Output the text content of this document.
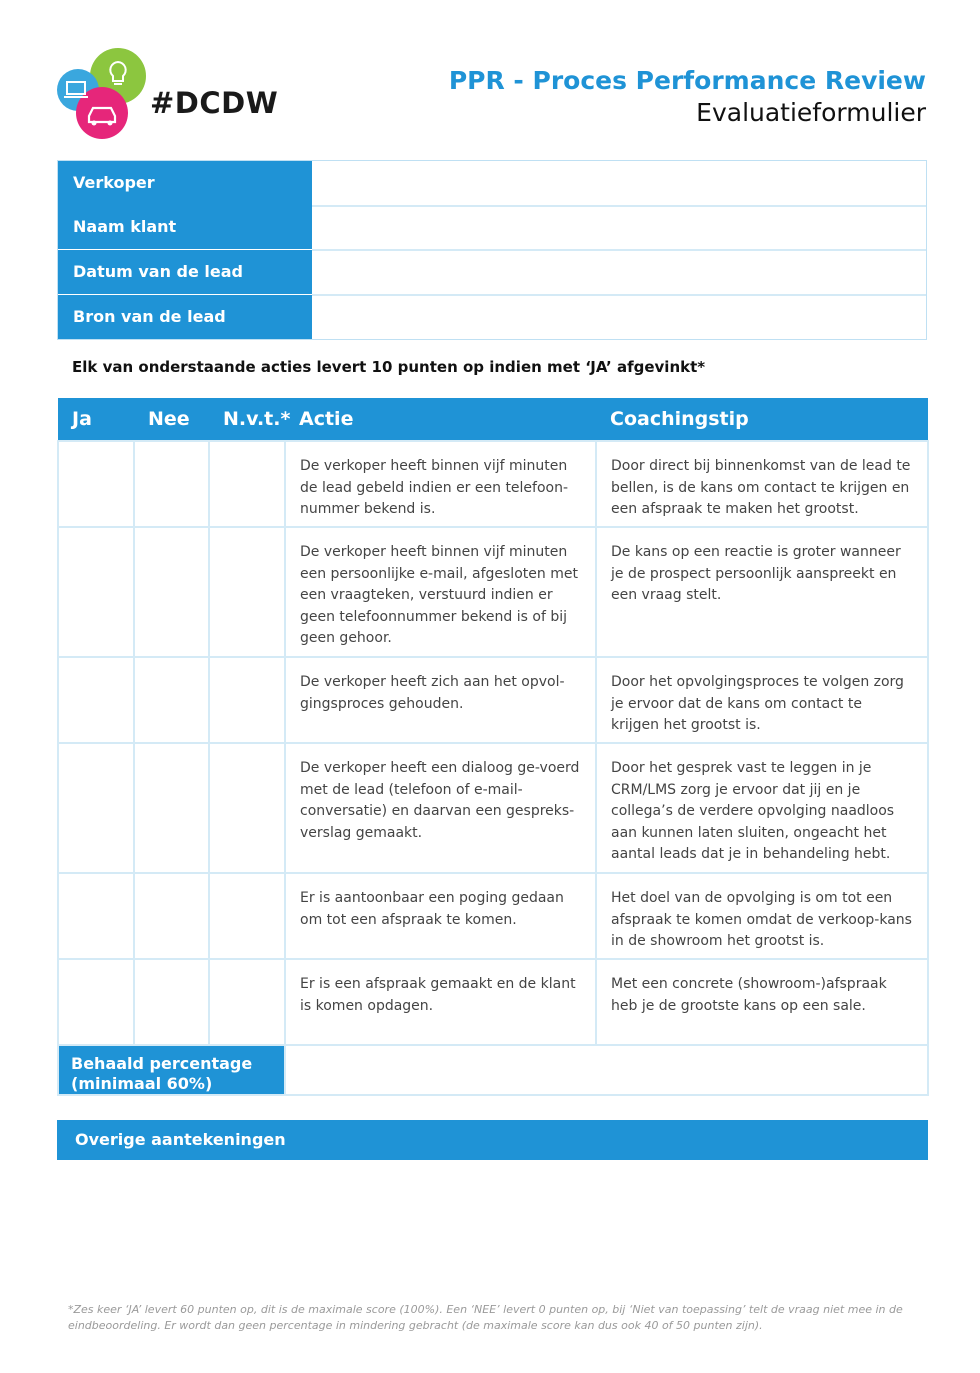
#DCDW
PPR - Proces Performance Review
Evaluatieformulier
Verkoper
Naam klant
Datum van de lead
Bron van de lead
Elk van onderstaande acties levert 10 punten op indien met ‘JA’ afgevinkt*
Ja	Nee	N.v.t.*	Actie	Coachingstip
			De verkoper heeft binnen vijf minuten de lead gebeld indien er een telefoon-nummer bekend is.	Door direct bij binnenkomst van de lead te bellen, is de kans om contact te krijgen en een afspraak te maken het grootst.
			De verkoper heeft binnen vijf minuten een persoonlijke e-mail, afgesloten met een vraagteken, verstuurd indien er geen telefoonnummer bekend is of bij geen gehoor.	De kans op een reactie is groter wanneer je de prospect persoonlijk aanspreekt en een vraag stelt.
			De verkoper heeft zich aan het opvol-gingsproces gehouden.	Door het opvolgingsproces te volgen zorg je ervoor dat de kans om contact te krijgen het grootst is.
			De verkoper heeft een dialoog ge-voerd met de lead (telefoon of e-mail-conversatie) en daarvan een gespreks-verslag gemaakt.	Door het gesprek vast te leggen in je CRM/LMS zorg je ervoor dat jij en je collega’s de verdere opvolging naadloos aan kunnen laten sluiten, ongeacht het aantal leads dat je in behandeling hebt.
			Er is aantoonbaar een poging gedaan om tot een afspraak te komen.	Het doel van de opvolging is om tot een afspraak te komen omdat de verkoop-kans in de showroom het grootst is.
			Er is een afspraak gemaakt en de klant is komen opdagen.	Met een concrete (showroom-)afspraak heb je de grootste kans op een sale.
Behaald percentage (minimaal 60%)				
Overige aantekeningen
*Zes keer ‘JA’ levert 60 punten op, dit is de maximale score (100%). Een ‘NEE’ levert 0 punten op, bij ‘Niet van toepassing’ telt de vraag niet mee in de eindbeoordeling. Er wordt dan geen percentage in mindering gebracht (de maximale score kan dus ook 40 of 50 punten zijn).
